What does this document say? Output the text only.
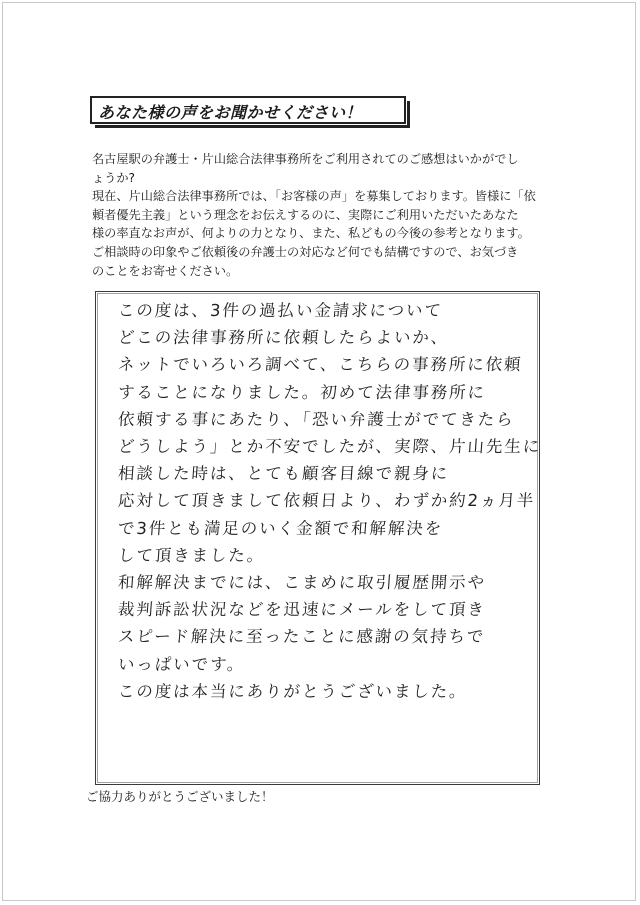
あなた様の声をお聞かせください！
名古屋駅の弁護士・片山総合法律事務所をご利用されてのご感想はいかがでし
ょうか?
現在、片山総合法律事務所では、「お客様の声」を募集しております。皆様に「依
頼者優先主義」という理念をお伝えするのに、実際にご利用いただいたあなた
様の率直なお声が、何よりの力となり、また、私どもの今後の参考となります。
ご相談時の印象やご依頼後の弁護士の対応など何でも結構ですので、お気づき
のことをお寄せください。
この度は、3件の過払い金請求について
どこの法律事務所に依頼したらよいか、
ネットでいろいろ調べて、こちらの事務所に依頼
することになりました。初めて法律事務所に
依頼する事にあたり、「恐い弁護士がでてきたら
どうしよう」とか不安でしたが、実際、片山先生に
相談した時は、とても顧客目線で親身に
応対して頂きまして依頼日より、わずか約2ヵ月半
で3件とも満足のいく金額で和解解決を
して頂きました。
和解解決までには、こまめに取引履歴開示や
裁判訴訟状況などを迅速にメールをして頂き
スピード解決に至ったことに感謝の気持ちで
いっぱいです。
この度は本当にありがとうございました。
ご協力ありがとうございました！
